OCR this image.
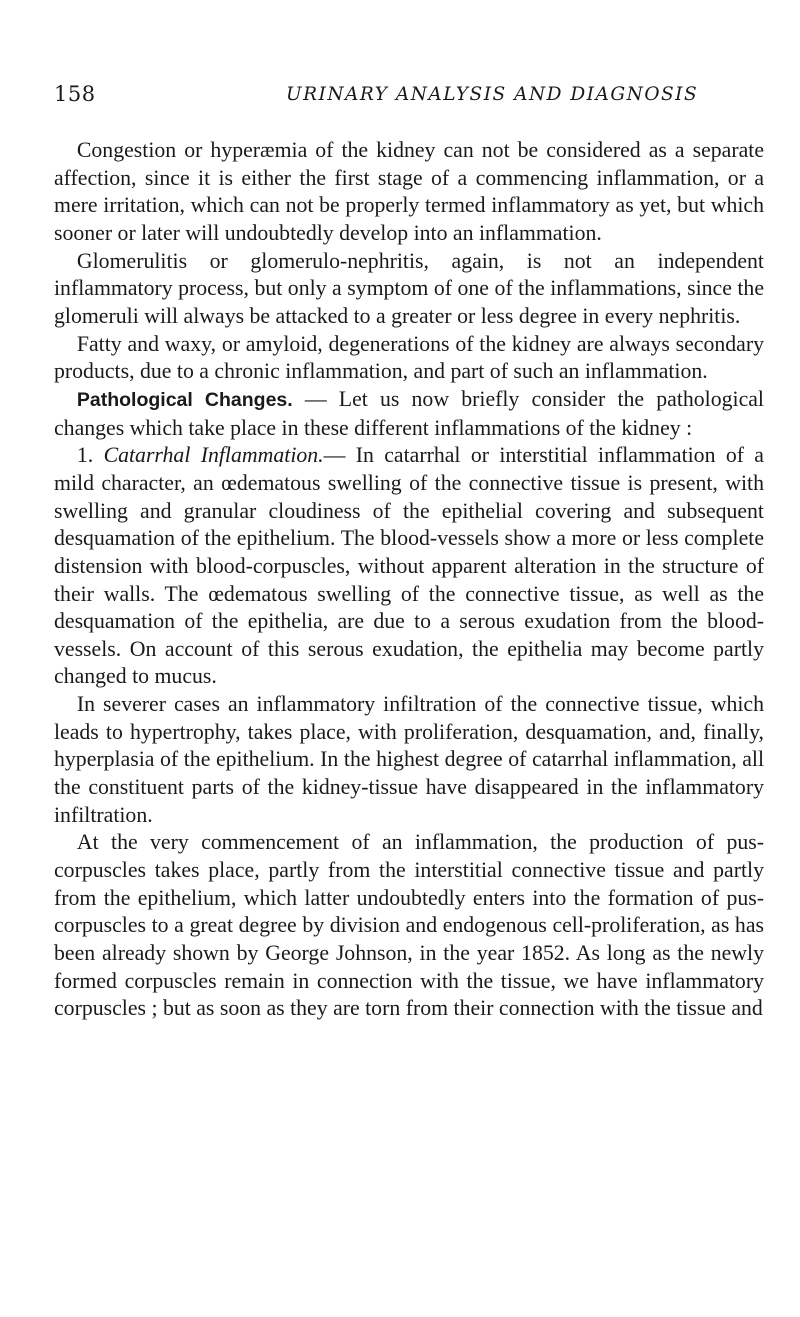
158	URINARY ANALYSIS AND DIAGNOSIS

Congestion or hyperæmia of the kidney can not be considered as a separate affection, since it is either the first stage of a commencing inflammation, or a mere irritation, which can not be properly termed inflammatory as yet, but which sooner or later will undoubtedly develop into an inflammation.

Glomerulitis or glomerulo-nephritis, again, is not an independent inflammatory process, but only a symptom of one of the inflammations, since the glomeruli will always be attacked to a greater or less degree in every nephritis.

Fatty and waxy, or amyloid, degenerations of the kidney are always secondary products, due to a chronic inflammation, and part of such an inflammation.

Pathological Changes. — Let us now briefly consider the pathological changes which take place in these different inflammations of the kidney :

1. Catarrhal Inflammation.— In catarrhal or interstitial inflammation of a mild character, an œdematous swelling of the connective tissue is present, with swelling and granular cloudiness of the epithelial covering and subsequent desquamation of the epithelium. The blood-vessels show a more or less complete distension with blood-corpuscles, without apparent alteration in the structure of their walls. The œdematous swelling of the connective tissue, as well as the desquamation of the epithelia, are due to a serous exudation from the blood-vessels. On account of this serous exudation, the epithelia may become partly changed to mucus.

In severer cases an inflammatory infiltration of the connective tissue, which leads to hypertrophy, takes place, with proliferation, desquamation, and, finally, hyperplasia of the epithelium. In the highest degree of catarrhal inflammation, all the constituent parts of the kidney-tissue have disappeared in the inflammatory infiltration.

At the very commencement of an inflammation, the production of pus-corpuscles takes place, partly from the interstitial connective tissue and partly from the epithelium, which latter undoubtedly enters into the formation of pus-corpuscles to a great degree by division and endogenous cell-proliferation, as has been already shown by George Johnson, in the year 1852. As long as the newly formed corpuscles remain in connection with the tissue, we have inflammatory corpuscles ; but as soon as they are torn from their connection with the tissue and
